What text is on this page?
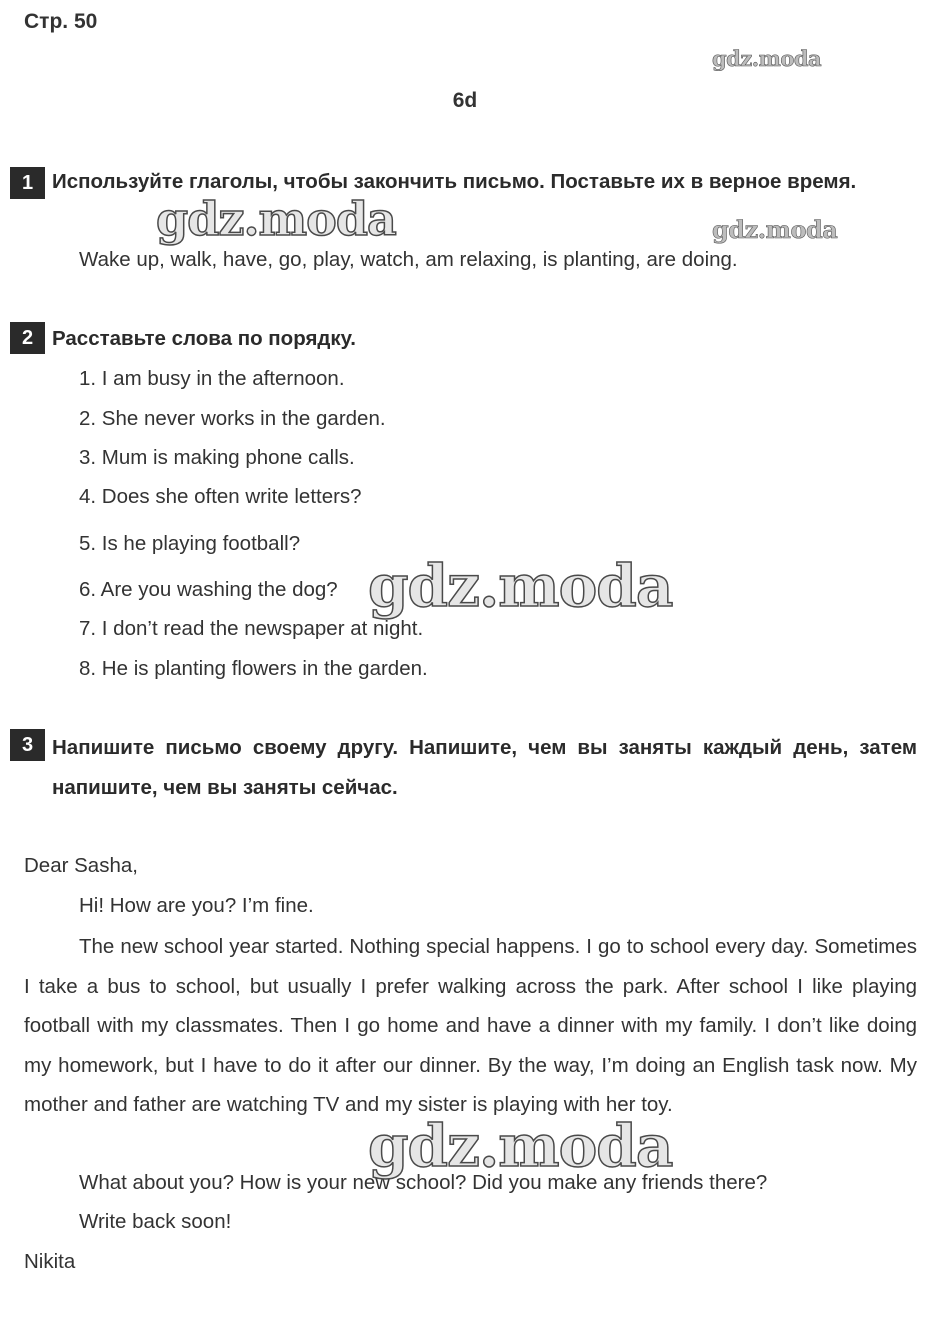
Стр. 50
6d
gdz.moda
gdz.moda
1 Используйте глаголы, чтобы закончить письмо. Поставьте их в верное время.
Wake up, walk, have, go, play, watch, am relaxing, is planting, are doing.
gdz.moda
2 Расставьте слова по порядку.
1. I am busy in the afternoon.
2. She never works in the garden.
3. Mum is making phone calls.
4. Does she often write letters?
5. Is he playing football?
6. Are you washing the dog?
7. I don’t read the newspaper at night.
8. He is planting flowers in the garden.
gdz.moda
3 Напишите письмо своему другу. Напишите, чем вы заняты каждый день, затем напишите, чем вы заняты сейчас.
Dear Sasha,
Hi! How are you? I’m fine.
The new school year started. Nothing special happens. I go to school every day. Sometimes I take a bus to school, but usually I prefer walking across the park. After school I like playing football with my classmates. Then I go home and have a dinner with my family. I don’t like doing my homework, but I have to do it after our dinner. By the way, I’m doing an English task now. My mother and father are watching TV and my sister is playing with her toy.
What about you? How is your new school? Did you make any friends there?
Write back soon!
Nikita
gdz.moda
